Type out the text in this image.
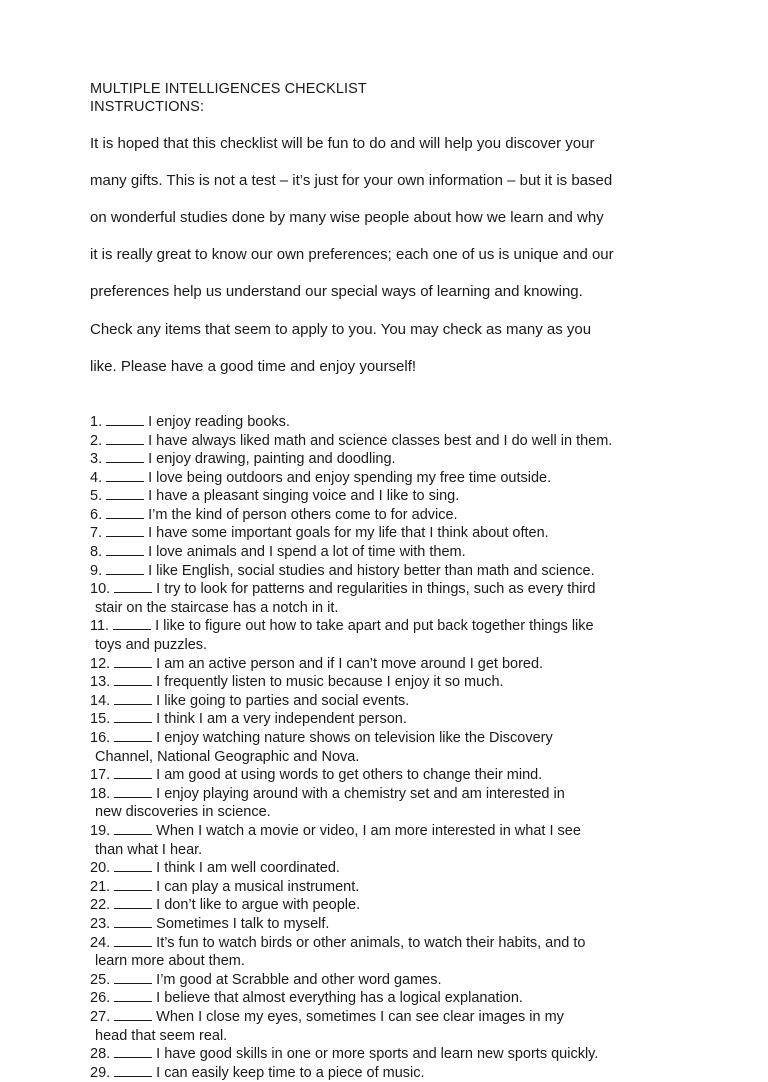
MULTIPLE INTELLIGENCES CHECKLIST
INSTRUCTIONS:

It is hoped that this checklist will be fun to do and will help you discover your

many gifts. This is not a test – it’s just for your own information – but it is based

on wonderful studies done by many wise people about how we learn and why

it is really great to know our own preferences; each one of us is unique and our

preferences help us understand our special ways of learning and knowing.

Check any items that seem to apply to you. You may check as many as you

like. Please have a good time and enjoy yourself!

1.	I enjoy reading books.
2.	I have always liked math and science classes best and I do well in them.
3.	I enjoy drawing, painting and doodling.
4.	I love being outdoors and enjoy spending my free time outside.
5.	I have a pleasant singing voice and I like to sing.
6.	I’m the kind of person others come to for advice.
7.	I have some important goals for my life that I think about often.
8.	I love animals and I spend a lot of time with them.
9.	I like English, social studies and history better than math and science.
10.	I try to look for patterns and regularities in things, such as every third
stair on the staircase has a notch in it.
11.	I like to figure out how to take apart and put back together things like
toys and puzzles.
12.	I am an active person and if I can’t move around I get bored.
13.	I frequently listen to music because I enjoy it so much.
14.	I like going to parties and social events.
15.	I think I am a very independent person.
16.	I enjoy watching nature shows on television like the Discovery
Channel, National Geographic and Nova.
17.	I am good at using words to get others to change their mind.
18.	I enjoy playing around with a chemistry set and am interested in
new discoveries in science.
19.	When I watch a movie or video, I am more interested in what I see
than what I hear.
20.	I think I am well coordinated.
21.	I can play a musical instrument.
22.	I don’t like to argue with people.
23.	Sometimes I talk to myself.
24.	It’s fun to watch birds or other animals, to watch their habits, and to
learn more about them.
25.	I’m good at Scrabble and other word games.
26.	I believe that almost everything has a logical explanation.
27.	When I close my eyes, sometimes I can see clear images in my
head that seem real.
28.	I have good skills in one or more sports and learn new sports quickly.
29.	I can easily keep time to a piece of music.
